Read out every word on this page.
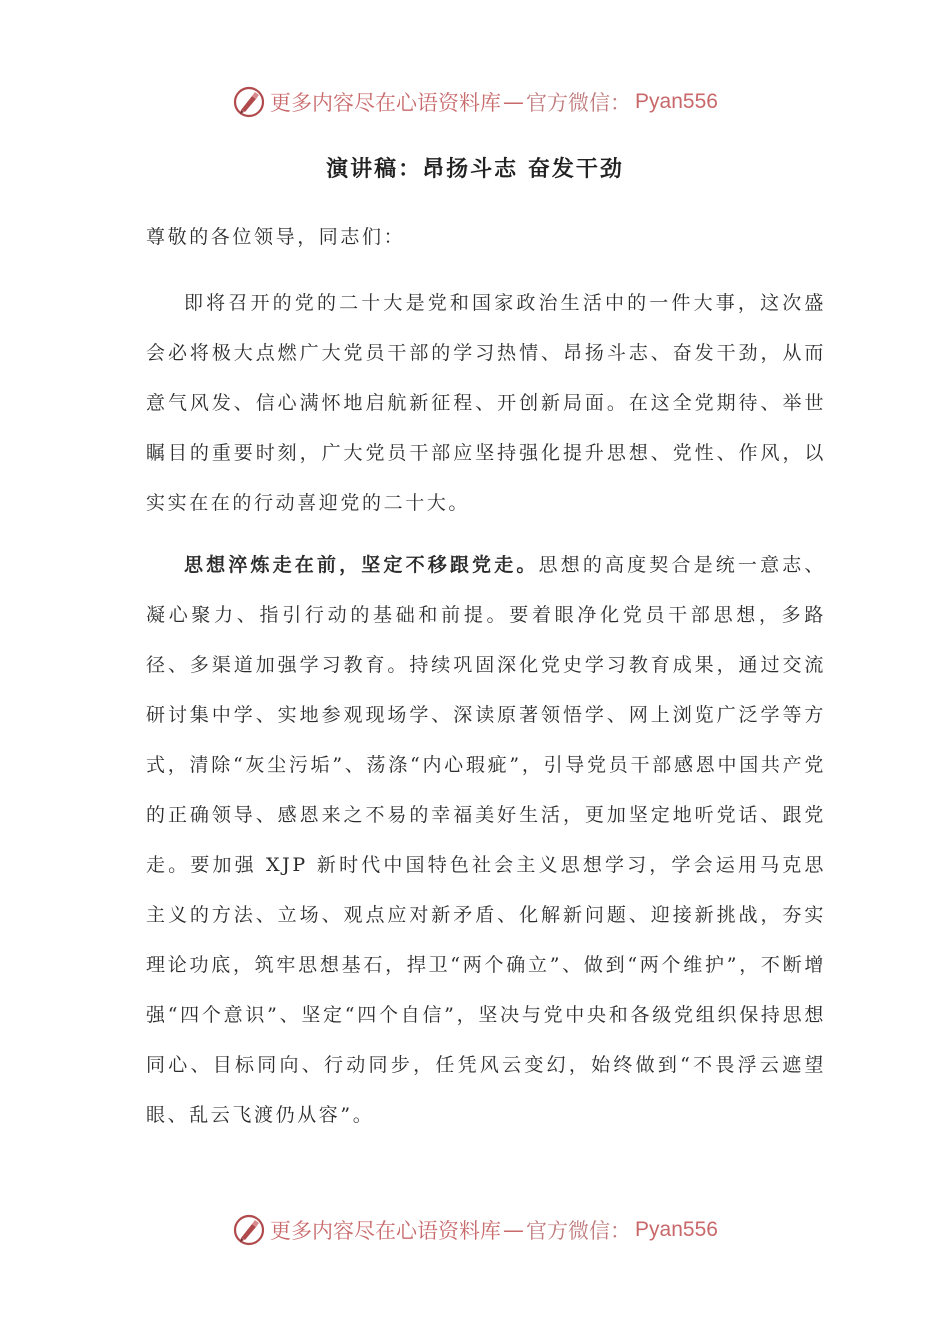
更多内容尽在心语资料库 — 官方微信： Pyan556
演讲稿：昂扬斗志 奋发干劲

尊敬的各位领导，同志们：

即将召开的党的二十大是党和国家政治生活中的一件大事，这次盛会必将极大点燃广大党员干部的学习热情、昂扬斗志、奋发干劲，从而意气风发、信心满怀地启航新征程、开创新局面。在这全党期待、举世瞩目的重要时刻，广大党员干部应坚持强化提升思想、党性、作风，以实实在在的行动喜迎党的二十大。

思想淬炼走在前，坚定不移跟党走。思想的高度契合是统一意志、凝心聚力、指引行动的基础和前提。要着眼净化党员干部思想，多路径、多渠道加强学习教育。持续巩固深化党史学习教育成果，通过交流研讨集中学、实地参观现场学、深读原著领悟学、网上浏览广泛学等方式，清除“灰尘污垢”、荡涤“内心瑕疵”，引导党员干部感恩中国共产党的正确领导、感恩来之不易的幸福美好生活，更加坚定地听党话、跟党走。要加强 XJP 新时代中国特色社会主义思想学习，学会运用马克思主义的方法、立场、观点应对新矛盾、化解新问题、迎接新挑战，夯实理论功底，筑牢思想基石，捍卫“两个确立”、做到“两个维护”，不断增强“四个意识”、坚定“四个自信”，坚决与党中央和各级党组织保持思想同心、目标同向、行动同步，任凭风云变幻，始终做到“不畏浮云遮望眼、乱云飞渡仍从容”。

更多内容尽在心语资料库 — 官方微信： Pyan556
